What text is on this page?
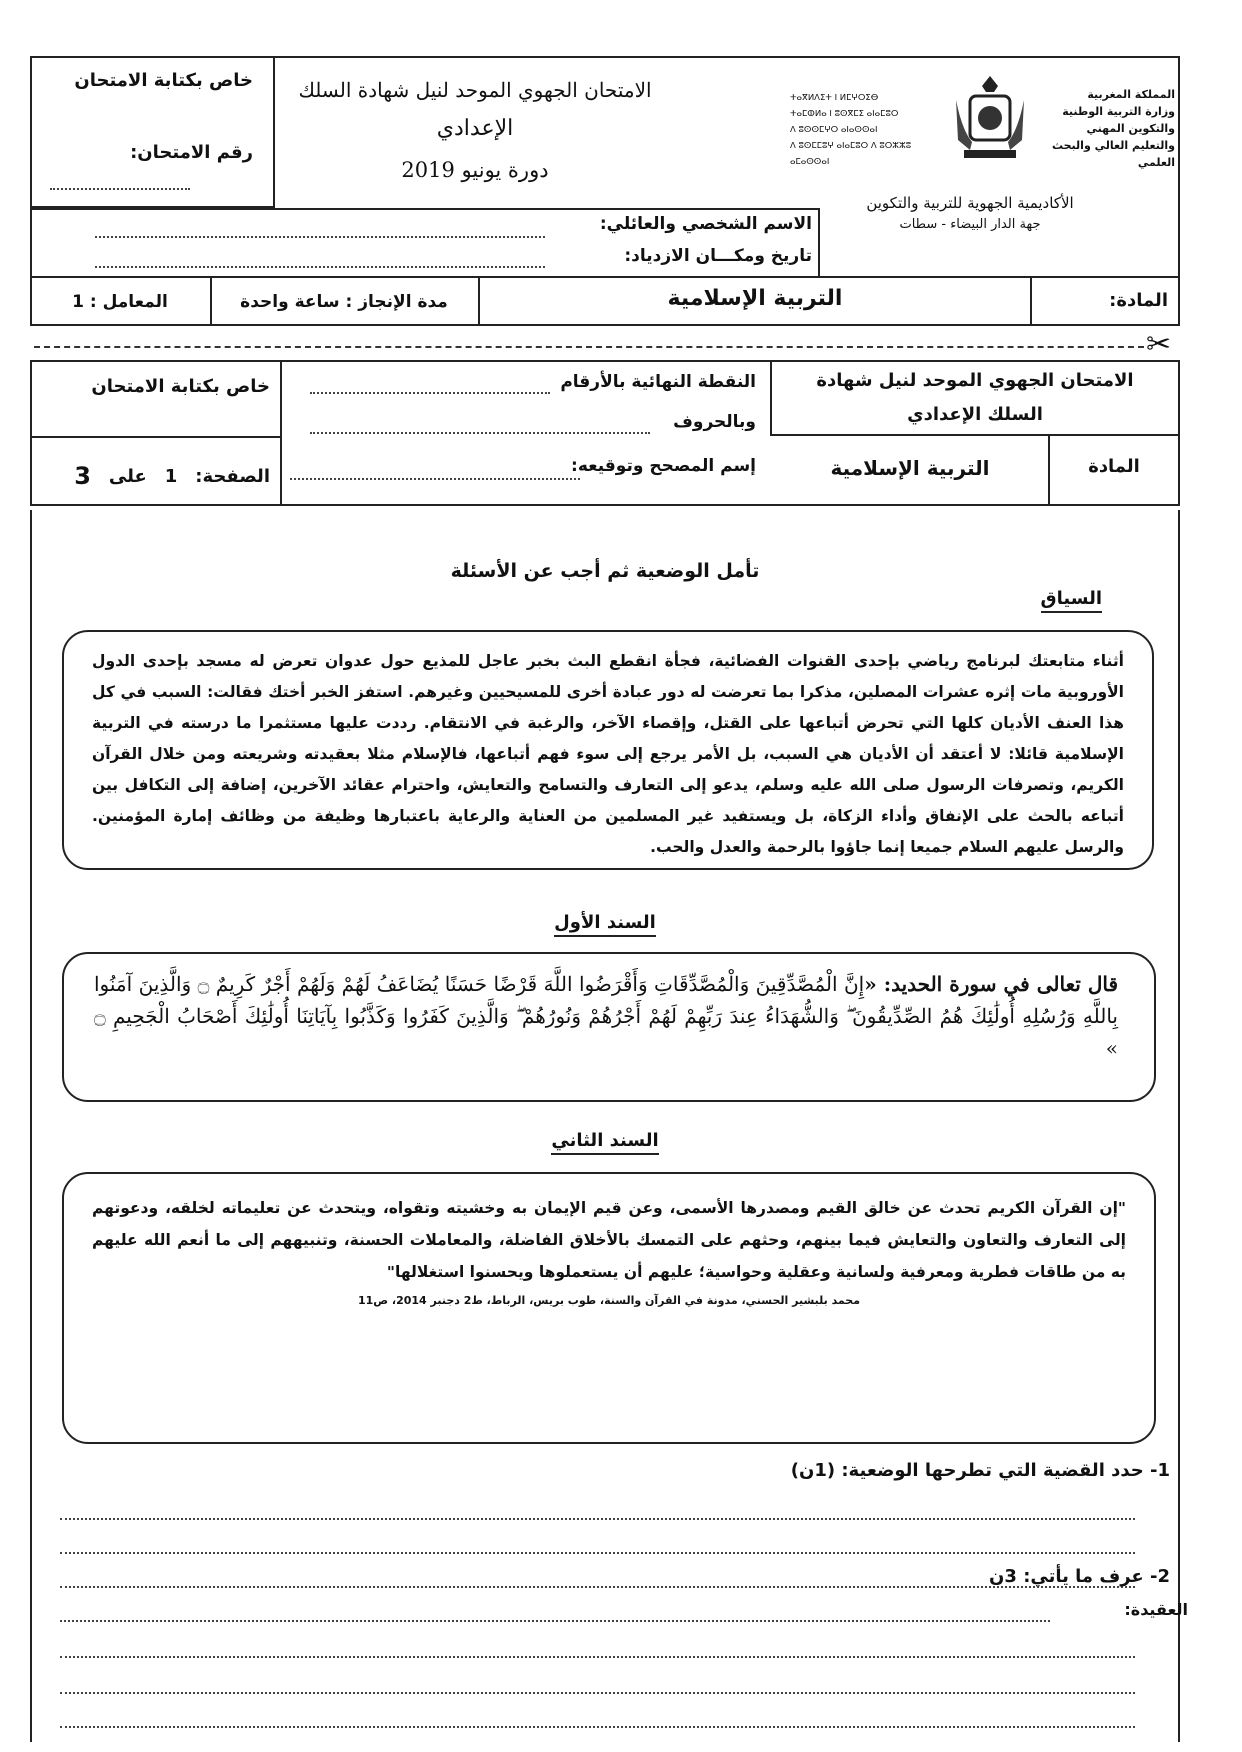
خاص بكتابة الامتحان
رقم الامتحان:
الامتحان الجهوي الموحد لنيل شهادة السلك
الإعدادي
دورة يونيو 2019
ⵜⴰⴳⵍⴷⵉⵜ ⵏ ⵍⵎⵖⵔⵉⴱ
ⵜⴰⵎⵀⵍⴰ ⵏ ⵓⵙⴳⵎⵉ ⴰⵏⴰⵎⵓⵔ
ⴷ ⵓⵙⵙⵎⵖⵔ ⴰⵏⴰⵙⵙⴰⵏ
ⴷ ⵓⵙⵎⵎⵓⵖ ⴰⵏⴰⵎⵓⵔ ⴷ ⵓⵔⵣⵣⵓ ⴰⵎⴰⵙⵙⴰⵏ
المملكة المغربية
وزارة التربية الوطنية
والتكوين المهني
والتعليم العالي والبحث العلمي
الأكاديمية الجهوية للتربية والتكوين
جهة الدار البيضاء - سطات
الاسم الشخصي والعائلي:
تاريخ ومكـــان الازدياد:
المادة:
التربية الإسلامية
مدة الإنجاز : ساعة واحدة
المعامل : 1
✂
الامتحان الجهوي الموحد لنيل شهادة
السلك الإعدادي
المادة
التربية الإسلامية
النقطة النهائية بالأرقام
وبالحروف
إسم المصحح وتوقيعه:
خاص بكتابة الامتحان
الصفحة:
1
على
3
تأمل الوضعية ثم أجب عن الأسئلة
السياق
أثناء متابعتك لبرنامج رياضي بإحدى القنوات الفضائية، فجأة انقطع البث بخبر عاجل للمذيع حول عدوان تعرض له مسجد بإحدى الدول الأوروبية مات إثره عشرات المصلين، مذكرا بما تعرضت له دور عبادة أخرى للمسيحيين وغيرهم. استفز الخبر أختك فقالت: السبب في كل هذا العنف الأديان كلها التي تحرض أتباعها على القتل، وإقصاء الآخر، والرغبة في الانتقام. رددت عليها مستثمرا ما درسته في التربية الإسلامية قائلا: لا أعتقد أن الأديان هي السبب، بل الأمر يرجع إلى سوء فهم أتباعها، فالإسلام مثلا بعقيدته وشريعته ومن خلال القرآن الكريم، وتصرفات الرسول صلى الله عليه وسلم، يدعو إلى التعارف والتسامح والتعايش، واحترام عقائد الآخرين، إضافة إلى التكافل بين أتباعه بالحث على الإنفاق وأداء الزكاة، بل ويستفيد غير المسلمين من العناية والرعاية باعتبارها وظيفة من وظائف إمارة المؤمنين. والرسل عليهم السلام جميعا إنما جاؤوا بالرحمة والعدل والحب.
السند الأول
قال تعالى في سورة الحديد: «إِنَّ الْمُصَّدِّقِينَ وَالْمُصَّدِّقَاتِ وَأَقْرَضُوا اللَّهَ قَرْضًا حَسَنًا يُضَاعَفُ لَهُمْ وَلَهُمْ أَجْرٌ كَرِيمٌ ۝ وَالَّذِينَ آمَنُوا بِاللَّهِ وَرُسُلِهِ أُولَٰئِكَ هُمُ الصِّدِّيقُونَ ۖ وَالشُّهَدَاءُ عِندَ رَبِّهِمْ لَهُمْ أَجْرُهُمْ وَنُورُهُمْ ۖ وَالَّذِينَ كَفَرُوا وَكَذَّبُوا بِآيَاتِنَا أُولَٰئِكَ أَصْحَابُ الْجَحِيمِ ۝ »
السند الثاني
"إن القرآن الكريم تحدث عن خالق القيم ومصدرها الأسمى، وعن قيم الإيمان به وخشيته وتقواه، ويتحدث عن تعليماته لخلقه، ودعوتهم إلى التعارف والتعاون والتعايش فيما بينهم، وحثهم على التمسك بالأخلاق الفاضلة، والمعاملات الحسنة، وتنبيههم إلى ما أنعم الله عليهم به من طاقات فطرية ومعرفية ولسانية وعقلية وحواسية؛ عليهم أن يستعملوها ويحسنوا استغلالها"
محمد بلبشير الحسني، مدونة في القرآن والسنة، طوب بريس، الرباط، ط2 دجنبر 2014، ص11
1- حدد القضية التي تطرحها الوضعية: (1ن)
2- عرف ما يأتي: 3ن
العقيدة:
